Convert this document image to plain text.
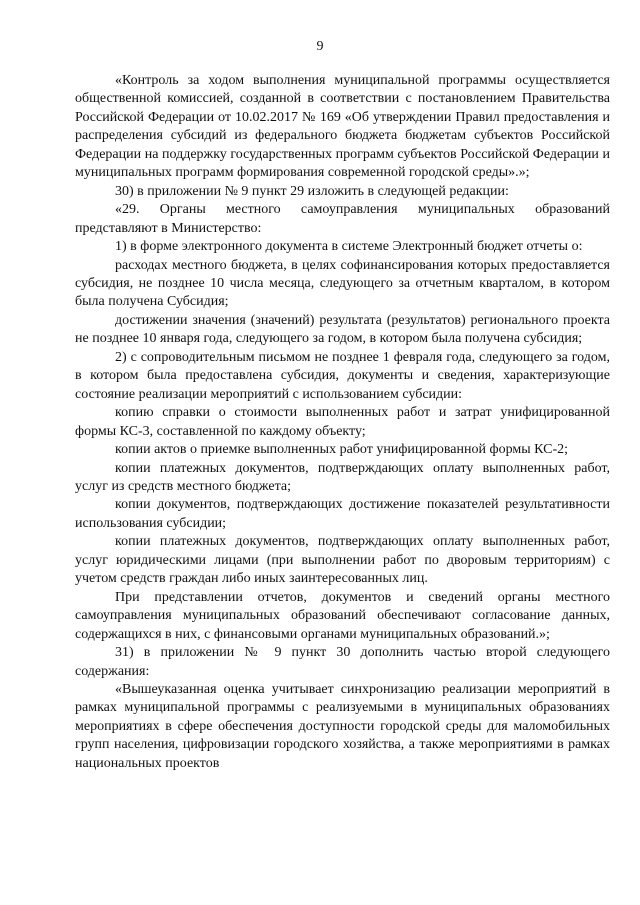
9

«Контроль за ходом выполнения муниципальной программы осуществляется общественной комиссией, созданной в соответствии с постановлением Правительства Российской Федерации от 10.02.2017 № 169 «Об утверждении Правил предоставления и распределения субсидий из федерального бюджета бюджетам субъектов Российской Федерации на поддержку государственных программ субъектов Российской Федерации и муниципальных программ формирования современной городской среды».»;

30) в приложении № 9 пункт 29 изложить в следующей редакции:

«29. Органы местного самоуправления муниципальных образований представляют в Министерство:

1) в форме электронного документа в системе Электронный бюджет отчеты о:

расходах местного бюджета, в целях софинансирования которых предоставляется субсидия, не позднее 10 числа месяца, следующего за отчетным кварталом, в котором была получена Субсидия;

достижении значения (значений) результата (результатов) регионального проекта не позднее 10 января года, следующего за годом, в котором была получена субсидия;

2) с сопроводительным письмом не позднее 1 февраля года, следующего за годом, в котором была предоставлена субсидия, документы и сведения, характеризующие состояние реализации мероприятий с использованием субсидии:

копию справки о стоимости выполненных работ и затрат унифицированной формы КС-3, составленной по каждому объекту;

копии актов о приемке выполненных работ унифицированной формы КС-2;

копии платежных документов, подтверждающих оплату выполненных работ, услуг из средств местного бюджета;

копии документов, подтверждающих достижение показателей результативности использования субсидии;

копии платежных документов, подтверждающих оплату выполненных работ, услуг юридическими лицами (при выполнении работ по дворовым территориям) с учетом средств граждан либо иных заинтересованных лиц.

При представлении отчетов, документов и сведений органы местного самоуправления муниципальных образований обеспечивают согласование данных, содержащихся в них, с финансовыми органами муниципальных образований.»;

31) в приложении № 9 пункт 30 дополнить частью второй следующего содержания:

«Вышеуказанная оценка учитывает синхронизацию реализации мероприятий в рамках муниципальной программы с реализуемыми в муниципальных образованиях мероприятиях в сфере обеспечения доступности городской среды для маломобильных групп населения, цифровизации городского хозяйства, а также мероприятиями в рамках национальных проектов
